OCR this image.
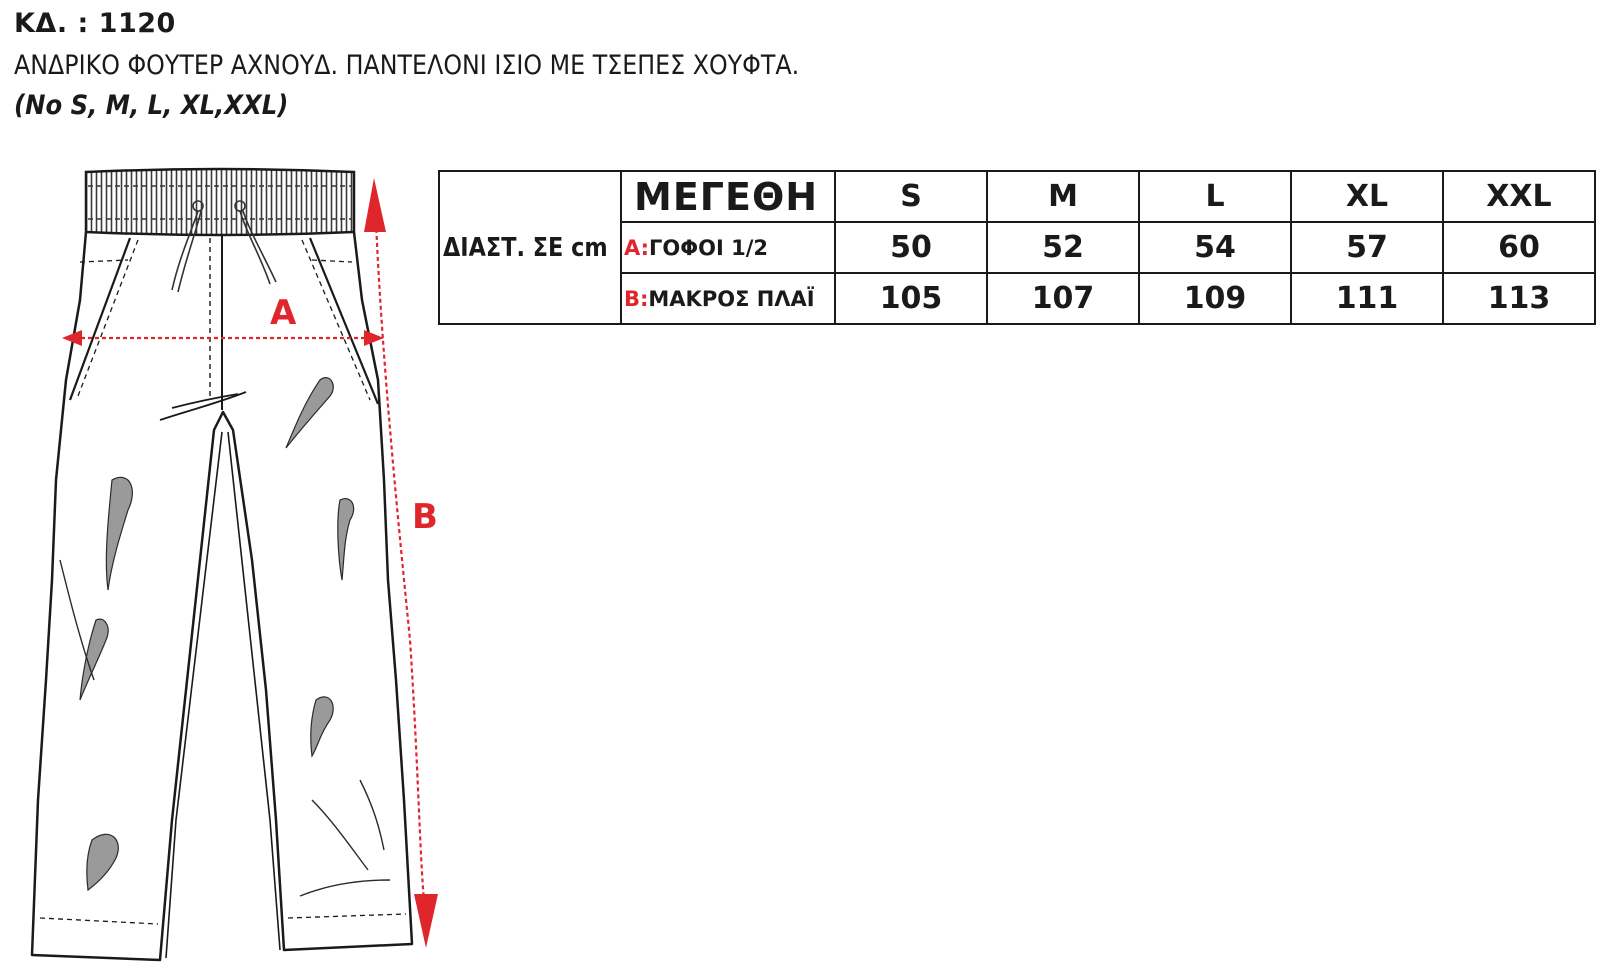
ΚΔ. : 1120
ΑΝΔΡΙΚΟ ΦΟΥΤΕΡ ΑΧΝΟΥΔ. ΠΑΝΤΕΛΟΝΙ ΙΣΙΟ ΜΕ ΤΣΕΠΕΣ ΧΟΥΦΤΑ.
(No S, M, L, XL,XXL)
A
B
ΔΙΑΣΤ. ΣΕ cm	ΜΕΓΕΘΗ	S	M	L	XL	XXL
	A:ΓΟΦΟΙ 1/2	50	52	54	57	60
	B:ΜΑΚΡΟΣ ΠΛΑΪ	105	107	109	111	113
